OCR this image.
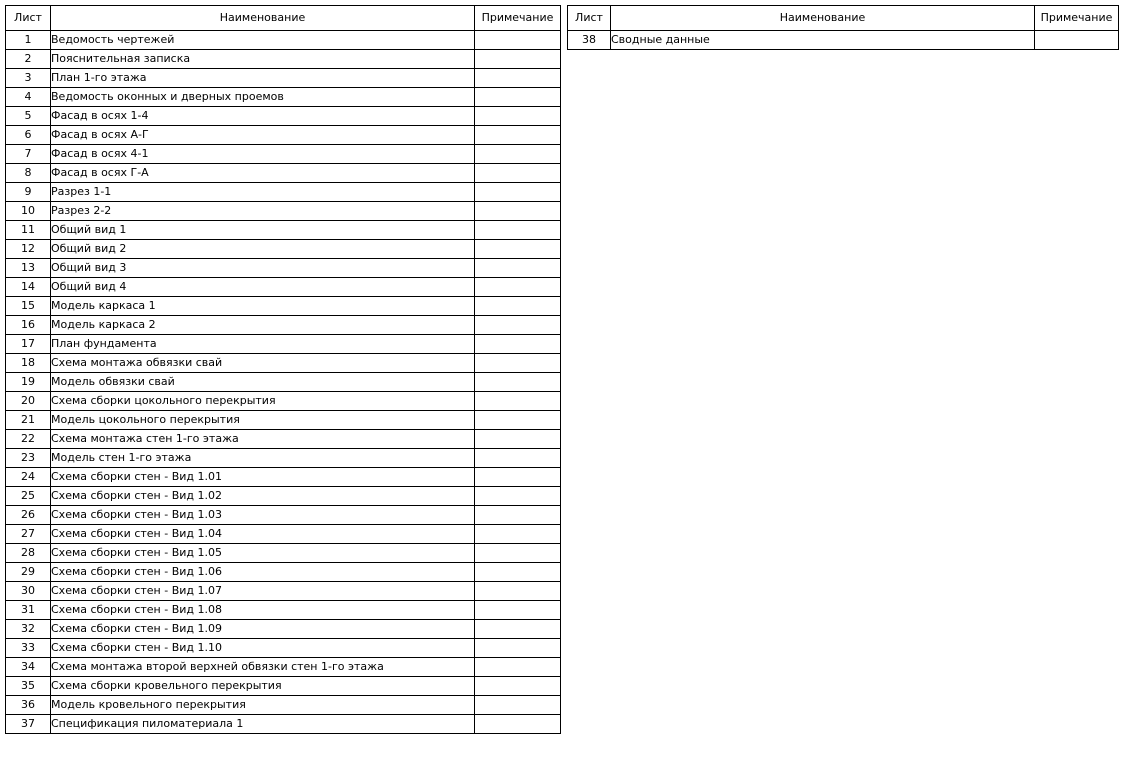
Лист	Наименование	Примечание
1	Ведомость чертежей	
2	Пояснительная записка	
3	План 1-го этажа	
4	Ведомость оконных и дверных проемов	
5	Фасад в осях 1-4	
6	Фасад в осях А-Г	
7	Фасад в осях 4-1	
8	Фасад в осях Г-А	
9	Разрез 1-1	
10	Разрез 2-2	
11	Общий вид 1	
12	Общий вид 2	
13	Общий вид 3	
14	Общий вид 4	
15	Модель каркаса 1	
16	Модель каркаса 2	
17	План фундамента	
18	Схема монтажа обвязки свай	
19	Модель обвязки свай	
20	Схема сборки цокольного перекрытия	
21	Модель цокольного перекрытия	
22	Схема монтажа стен 1-го этажа	
23	Модель стен 1-го этажа	
24	Схема сборки стен - Вид 1.01	
25	Схема сборки стен - Вид 1.02	
26	Схема сборки стен - Вид 1.03	
27	Схема сборки стен - Вид 1.04	
28	Схема сборки стен - Вид 1.05	
29	Схема сборки стен - Вид 1.06	
30	Схема сборки стен - Вид 1.07	
31	Схема сборки стен - Вид 1.08	
32	Схема сборки стен - Вид 1.09	
33	Схема сборки стен - Вид 1.10	
34	Схема монтажа второй верхней обвязки стен 1-го этажа	
35	Схема сборки кровельного перекрытия	
36	Модель кровельного перекрытия	
37	Спецификация пиломатериала 1	
Лист	Наименование	Примечание
38	Сводные данные	
